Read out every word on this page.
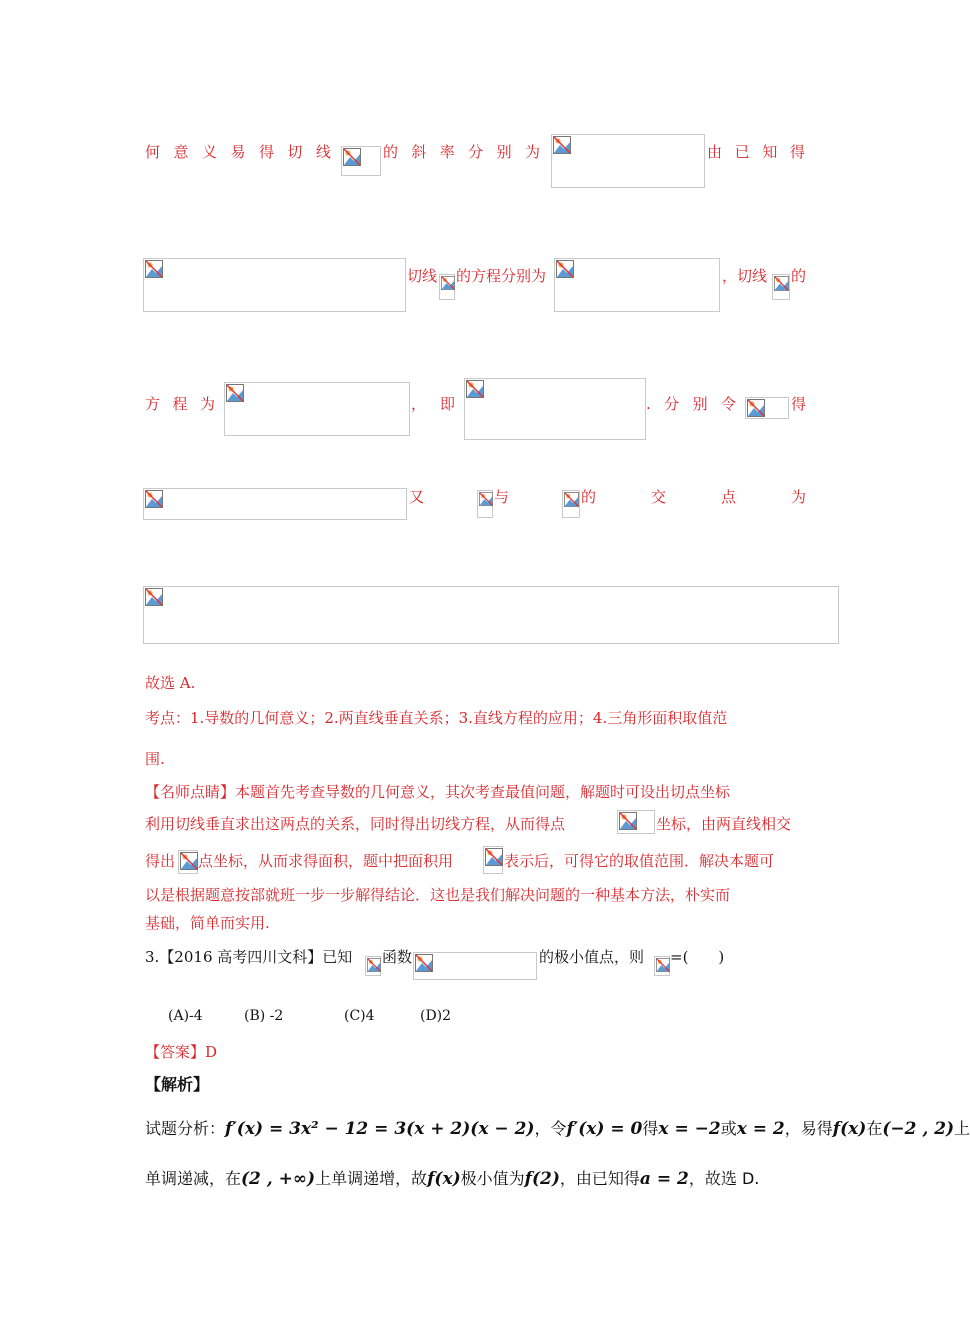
何 意 义 易 得 切 线	的 斜 率 分 别 为	由 已 知 得
切线 的方程分别为	，切线 的
方 程 为	， 即	. 分 别 令	得
又	与	的	交	点	为
故选 A.
考点：1.导数的几何意义；2.两直线垂直关系；3.直线方程的应用；4.三角形面积取值范
围.
【名师点睛】本题首先考查导数的几何意义，其次考查最值问题，解题时可设出切点坐标
利用切线垂直求出这两点的关系，同时得出切线方程，从而得点	坐标，由两直线相交
得出 点坐标，从而求得面积，题中把面积用	表示后，可得它的取值范围．解决本题可
以是根据题意按部就班一步一步解得结论．这也是我们解决问题的一种基本方法，朴实而
基础，简单而实用.
3.【2016 高考四川文科】已知 函数	的极小值点，则 =(　　)
(A)-4	(B) -2	(C)4	(D)2
【答案】D
【解析】
试题分析：f′(x) = 3x² − 12 = 3(x + 2)(x − 2)，令f′(x) = 0得x = −2或x = 2，易得f(x)在(−2 , 2)上
单调递减，在(2 , +∞)上单调递增，故f(x)极小值为f(2)，由已知得a = 2，故选 D.
